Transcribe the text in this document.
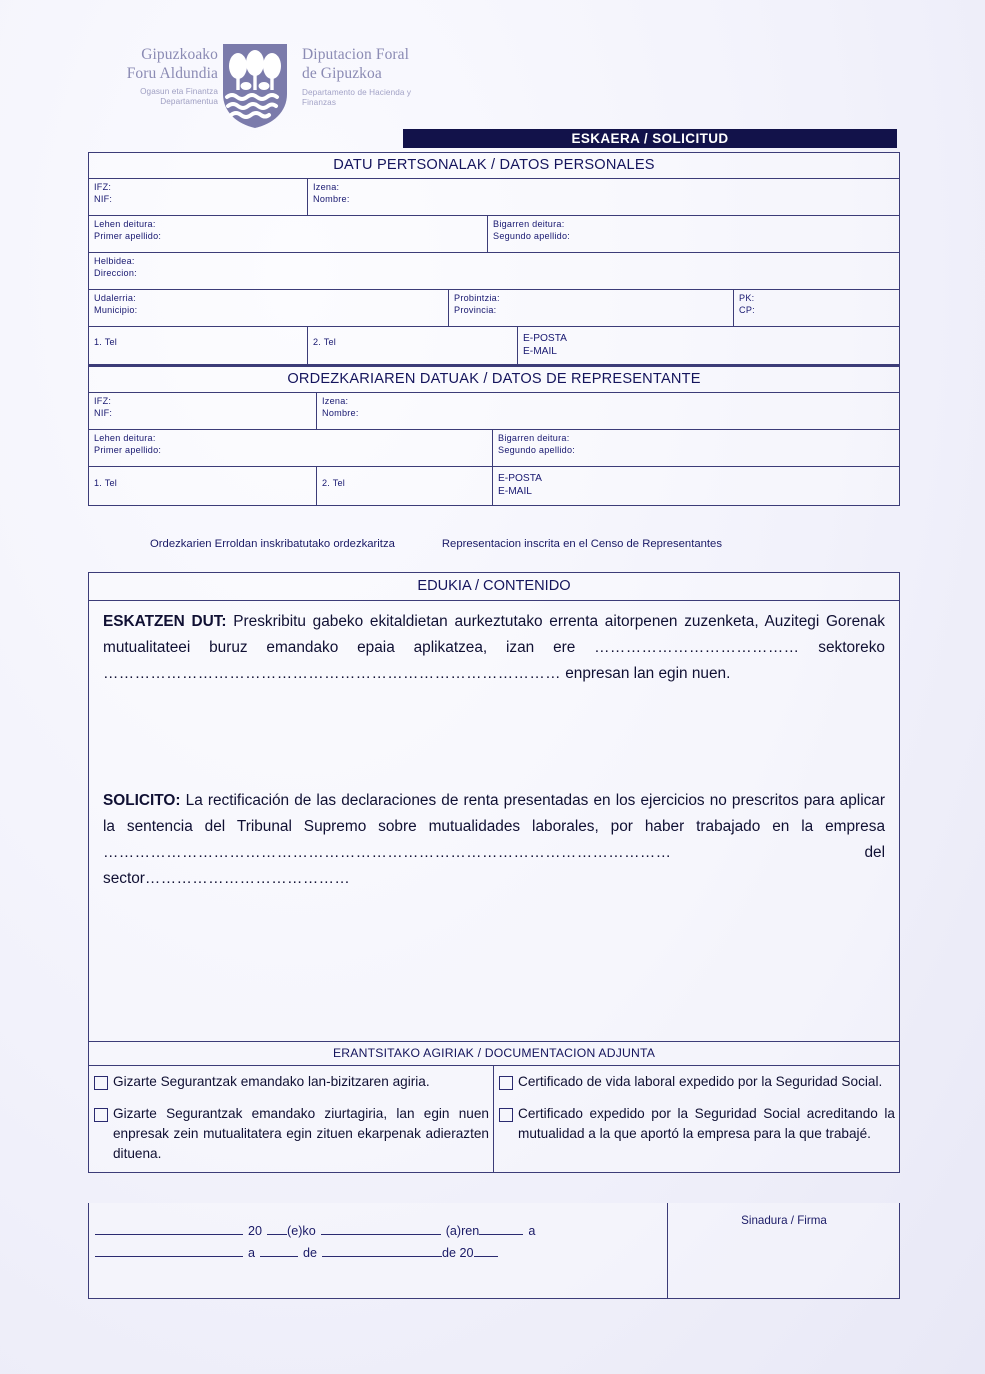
Gipuzkoako
Foru Aldundia
Ogasun eta Finantza
Departamentua
Diputacion Foral
de Gipuzkoa
Departamento de Hacienda y
Finanzas
ESKAERA / SOLICITUD
DATU PERTSONALAK / DATOS PERSONALES
IFZ:
NIF:
Izena:
Nombre:
Lehen deitura:
Primer apellido:
Bigarren deitura:
Segundo apellido:
Helbidea:
Direccion:
Udalerria:
Municipio:
Probintzia:
Provincia:
PK:
CP:
1. Tel	2. Tel	E-POSTA
E-MAIL
ORDEZKARIAREN DATUAK / DATOS DE REPRESENTANTE
IFZ:
NIF:
Izena:
Nombre:
Lehen deitura:
Primer apellido:
Bigarren deitura:
Segundo apellido:
1. Tel	2. Tel	E-POSTA
E-MAIL
Ordezkarien Erroldan inskribatutako ordezkaritza	Representacion inscrita en el Censo de Representantes
EDUKIA / CONTENIDO

ESKATZEN DUT: Preskribitu gabeko ekitaldietan aurkeztutako errenta aitorpenen zuzenketa, Auzitegi Gorenak mutualitateei buruz emandako epaia aplikatzea, izan ere ………………………………… sektoreko …………………………………………………………………………… enpresan lan egin nuen.

SOLICITO: La rectificación de las declaraciones de renta presentadas en los ejercicios no prescritos para aplicar la sentencia del Tribunal Supremo sobre mutualidades laborales, por haber trabajado en la empresa ……………………………………………………………………………………………… del sector…………………………………

ERANTSITAKO AGIRIAK / DOCUMENTACION ADJUNTA
Gizarte Segurantzak emandako lan-bizitzaren agiria.
Gizarte Segurantzak emandako ziurtagiria, lan egin nuen enpresak zein mutualitatera egin zituen ekarpenak adierazten dituena.
Certificado de vida laboral expedido por la Seguridad Social.
Certificado expedido por la Seguridad Social acreditando la mutualidad a la que aportó la empresa para la que trabajé.
20 (e)ko	(a)ren	a
a	de	de 20
Sinadura / Firma
